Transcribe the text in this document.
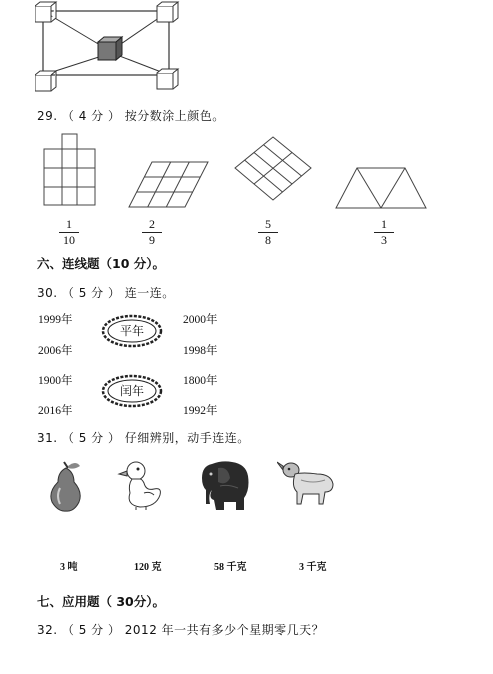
29. （ 4 分 ） 按分数涂上颜色。
1
10
2
9
5
8
1
3
六、连线题（10 分）。
30. （ 5 分 ） 连一连。
1999年
2006年
1900年
2016年
2000年
1998年
1800年
1992年
平年
闰年
31. （ 5 分 ） 仔细辨别，动手连连。
3 吨	120 克	58 千克	3 千克
七、应用题（ 30分）。
32. （ 5 分 ） 2012 年一共有多少个星期零几天？
